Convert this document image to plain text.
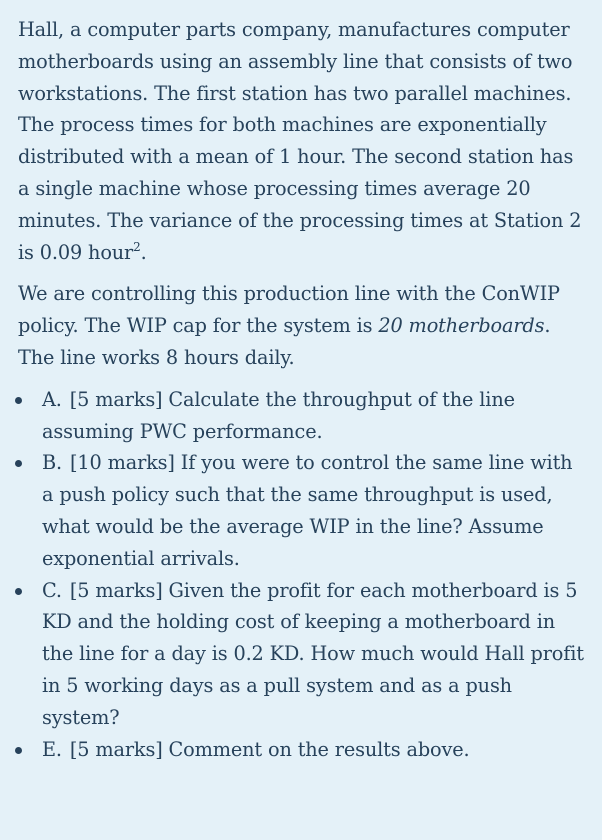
Hall, a computer parts company, manufactures computer motherboards using an assembly line that consists of two workstations. The first station has two parallel machines. The process times for both machines are exponentially distributed with a mean of 1 hour. The second station has a single machine whose processing times average 20 minutes. The variance of the processing times at Station 2 is 0.09 hour$^2$.

We are controlling this production line with the ConWIP policy. The WIP cap for the system is 20 motherboards. The line works 8 hours daily.

A. [5 marks] Calculate the throughput of the line assuming PWC performance.
B. [10 marks] If you were to control the same line with a push policy such that the same throughput is used, what would be the average WIP in the line? Assume exponential arrivals.
C. [5 marks] Given the profit for each motherboard is 5 KD and the holding cost of keeping a motherboard in the line for a day is 0.2 KD. How much would Hall profit in 5 working days as a pull system and as a push system?
E. [5 marks] Comment on the results above.
